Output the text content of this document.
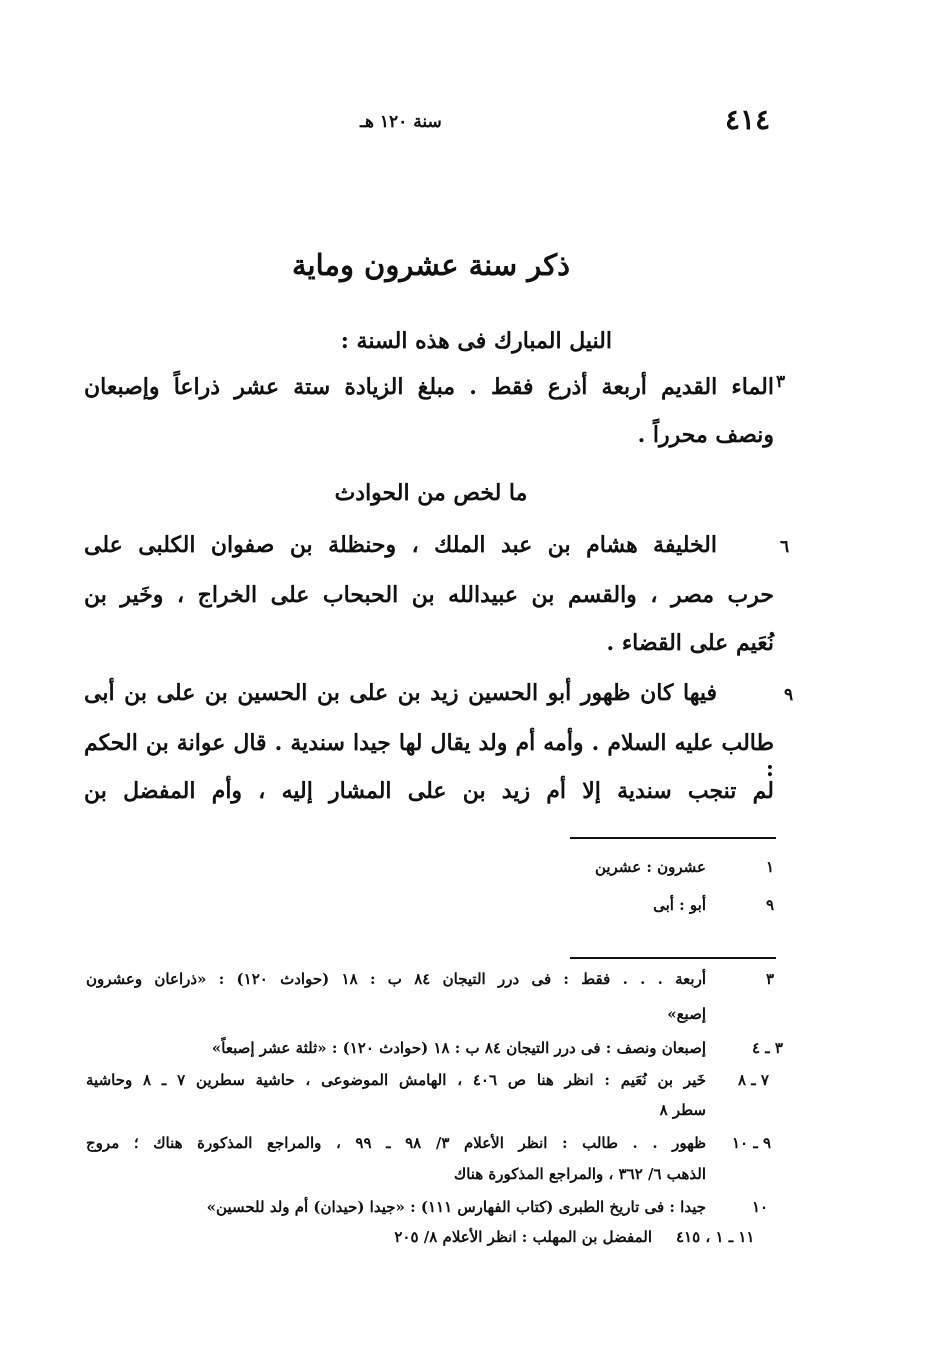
٤١٤
سنة ١٢٠ هـ
ذكر سنة عشرون وماية
النيل المبارك فى هذه السنة :
٣
الماء القديم أربعة أذرع فقط . مبلغ الزيادة ستة عشر ذراعاً وإصبعان
ونصف محرراً .
ما لخص من الحوادث
٦
الخليفة هشام بن عبد الملك ، وحنظلة بن صفوان الكلبى على
حرب مصر ، والقسم بن عبيدالله بن الحبحاب على الخراج ، وخَير بن
نُعَيم على القضاء .
٩
فيها كان ظهور أبو الحسين زيد بن على بن الحسين بن على بن أبى
طالب عليه السلام . وأمه أم ولد يقال لها جيدا سندية . قال عوانة بن الحكم :
لم تنجب سندية إلا أم زيد بن على المشار إليه ، وأم المفضل بن
١
عشرون : عشرين
٩
أبو : أبى
٣
أربعة . . . فقط : فى درر التيجان ٨٤ ب : ١٨ (حوادث ١٢٠) : «ذراعان وعشرون
إصبع»
٣ ـ ٤
إصبعان ونصف : فى درر التيجان ٨٤ ب : ١٨ (حوادث ١٢٠) : «ثلثة عشر إصبعاً»
٧ ـ ٨
خَير بن نُعَيم : انظر هنا ص ٤٠٦ ، الهامش الموضوعى ، حاشية سطرين ٧ ـ ٨ وحاشية
سطر ٨
٩ ـ ١٠
ظهور . . طالب : انظر الأعلام ٣/ ٩٨ ـ ٩٩ ، والمراجع المذكورة هناك ؛ مروج
الذهب ٦/ ٣٦٢ ، والمراجع المذكورة هناك
١٠
جيدا : فى تاريخ الطبرى (كتاب الفهارس ١١١) : «جيدا (حيدان) أم ولد للحسين»
١١ ـ ١ ، ٤١٥
المفضل بن المهلب : انظر الأعلام ٨/ ٢٠٥
